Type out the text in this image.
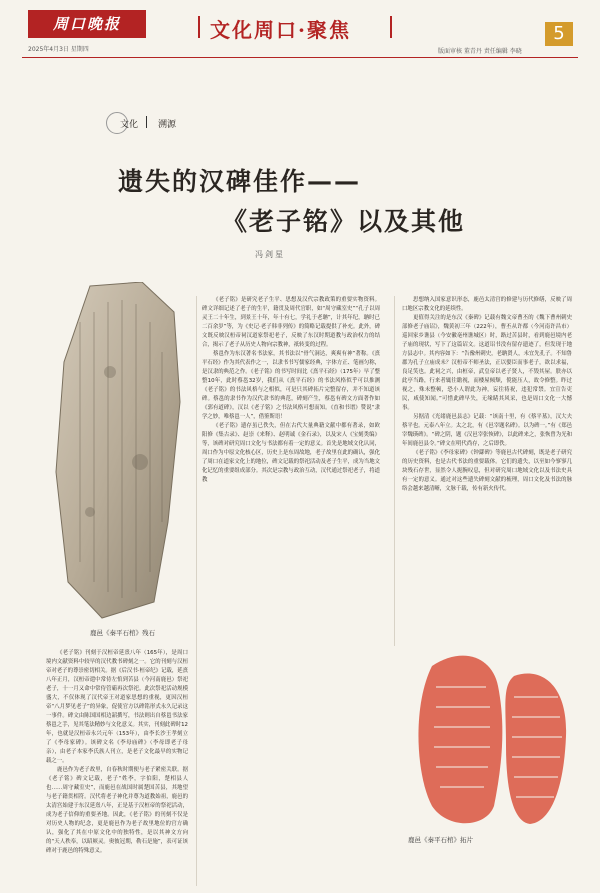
周口晚报
2025年4月3日 星期四
文化周口·聚焦
版面审核 董青丹 责任编辑 李晓
5
文化 溯源
遗失的汉碑佳作——
《老子铭》以及其他
冯剑星
鹿邑《秦平石棺》残石

《老子铭》刊刻于汉桓帝延熹八年（165年），是周口境内文献资料中较早的汉代教书碑刻之一。它的刊刻与汉桓帝对老子的尊崇密切相关。据《后汉书·桓帝纪》记载，延熹八年正月，汉桓帝遣中常侍左悺到苦县（今河南鹿邑）祭祀老子，十一月又命中常侍管霸再次祭祀。此次祭祀活动规模盛大，不仅体现了汉代帝王对道家思想的重视，更因汉桓帝“八月梦见老子”的异象，促使官方以碑铭形式永久记录这一事件。碑文由陈国国相边韶撰写，书法则出自蔡邕书法家蔡邕之手，见其笔法精妙与文化意义。其实，刊刻此碑时12年，也就是汉桓帝永兴元年（153年），由李长沙王孝刻立了《李母家碑》。该碑文名《李母庙碑》（李母即老子母亲），由老子本家李氏族人刊立，是老子文化最早的实物记载之一。

鹿邑作为老子故里，自春秋时期便与老子紧密关联。据《老子铭》碑文记载，老子“姓李，字伯阳，楚相县人也……周守藏室史”，而鹿邑在战国时属楚国苦县，其地望与老子籍贯相符。汉代将老子神化并尊为道教始祖，鹿邑的太清宫始建于东汉延熹八年，正是基于汉桓帝的祭祀活动，成为老子信仰的重要圣地。因此，《老子铭》的刊刻不仅是对历史人物的纪念，更是鹿邑作为老子故里地位的官方确认，强化了其在中原文化中的独特性，是以其神文方向的“天人秩奉，以昭厥灵。奥彼冠期，勒石是施”，表可证该碑对于鹿邑的特殊意义。

《老子铭》是研究老子生平、思想及汉代宗教政策的重要实物资料。碑文详细记述了老子的生平，籍贯及周代官职，如“周守藏室史”“孔子以周灵王二十年生，到景王十年，年十有七，学礼于老聃”，计其年纪，聃时已二百余岁”等，为《史记·老子韩非列传》的简略记载提供了补充。此外，碑文既反映汉桓帝祠汉道家祭祀老子，反映了东汉时期道教与政治权力的结合，揭示了老子从历史人物向宗教神，祇转变的过程。

蔡邕作为东汉著名书法家，其书法以“骨气洞达，爽爽有神”著称。《熹平石经》作为其代表作之一，以隶书书写儒家经典，字体方正、笔画匀称，是汉隶的典范之作。《老子铭》的书写时间比《熹平石经》（175年）早了整整10年，此时蔡邕32岁，我们从《熹平石经》的书法风格似乎可以推测《老子铭》的书法风格与之相似，可是只其碑拓片完整留存，并不知道该碑。蔡邕的隶书作为汉代隶书的典范，碑刻产生，蔡邕有碑文方面著作如《郭有道碑》，汉以《老子铭》之书法风格可想而知。《直和书谱》赞说“隶学之妙，唯蔡邕一人”，借鉴斯语！

《老子铭》遗存虽已佚失，但在古代大量典籍文献中都有著录，如欧阳修《集古录》、赵崇《来释》、赵明诚《金石录》，以及宋人《宝刻类编》等，该碑对研究周口文化与书法都有着一定的意义。首先是地域文化认同，周口作为中原文化核心区，历史上是东周故地，老子故里在此的确认，强化了周口在道家文化上的地位，碑文记载的祭祀活动及老子生平，成为当地文化记忆的重要组成部分。其次是宗教与政治互动，汉代通过祭祀老子，将道教

思想纳入国家意识形态，鹿邑太清宫的修建与历代修缮，反映了周口地区宗教文化的延续性。

更值得关注的是东汉《秦碑》记载有魏文帝曹丕的《魏下曹州刺史部修老子庙诏》，魏黄初三年（222年），曹丕从许都（今河南许昌市）巡回家乡谯县（今安徽亳州谯城区）时，路过苦县时，看到鹿邑境内老子庙的现状，写下了这篇诏文。这道诏书没有留存遗迹了，但发现于地方县志中。其内容如下：“告豫州刺史，老聃贤人，未宜先孔子。不知鲁郡为孔子立庙成未？汉桓帝不师圣法，正以嬖臣而事老子，欲以求福，良足笑也。此祠之兴，由桓帝，武皇帝以老子贤人，不毁其屋。朕亦以此亭当路，行来者辄往瞻视，而楼屋倾颓，傥能压人，故令修整。昨过视之，殊未整顿，恐小人谓此为神，妄往祷祝，违犯常禁。宜宣告吏民，咸使知闻。”可惜此碑早失，无缘睹其风采，也是周口文化一大憾事。

另据清《光绪鹿邑县志》记载：“该南十里，有《蔡平墓》，汉大夫蔡平也。元泰八年立。太之北，有《邑宰题名碑》。以为碑一。”有《郑邑宰魏瑛碑》。“碑之阴，题《汉邑宰张恢碑》，以此碑来之，张恢曾为光和年间鹿邑县令。”碑文在明代尚存，之后即佚。

《老子铭》《李母家碑》《钟繇碑》等鹿邑古代碑刻，既是老子研究的历史资料，也是古代书法的重要载体。它们的遗失，以至如今寥寥几块残石存世，显然令人扼腕叹息，但对研究周口地域文化以及书法史具有一定的意义。通过对这些遗失碑刻文献的梳理，周口文化及书法的脉络会越来越清晰，文脉千载，传有新火传代。

鹿邑《秦平石棺》拓片
